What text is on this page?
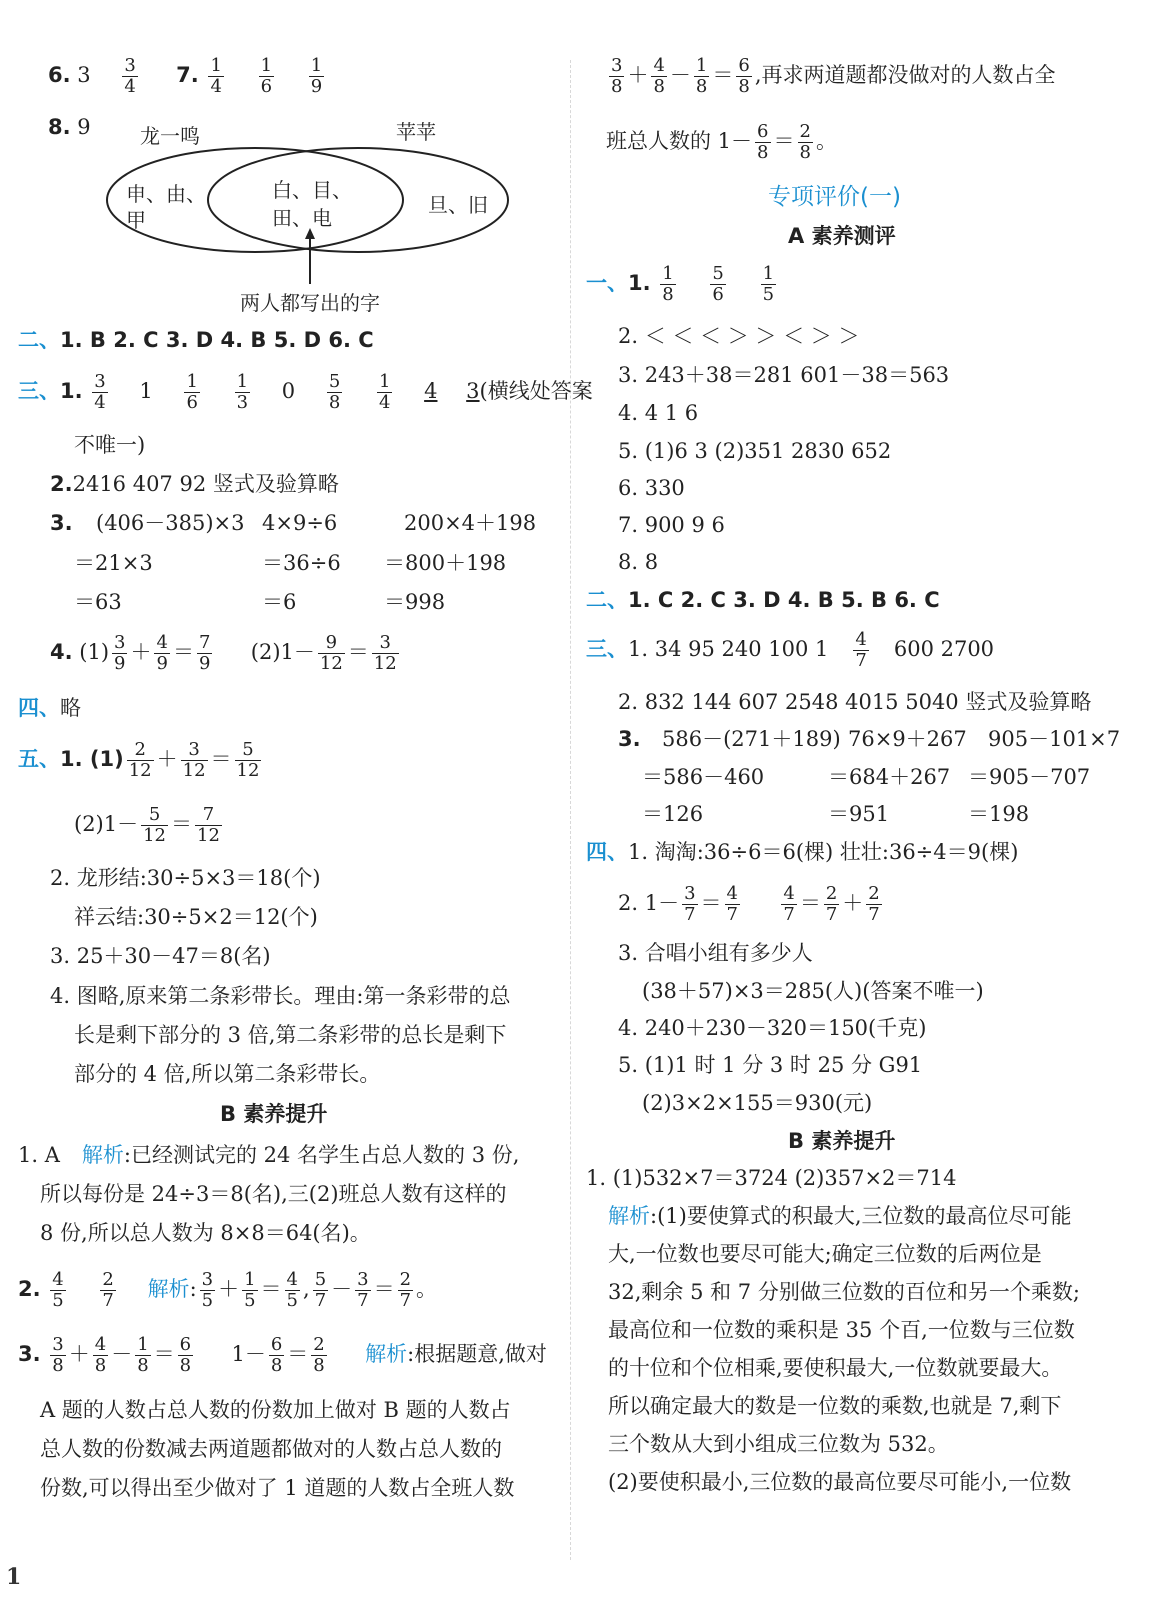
6. $3 \frac{3}{4} 7$. $\frac{1}{4}$
$\frac{1}{6}$
$\frac{1}{9}$
8. 9 龙一鸣	苹苹
申、由、
甲
白、目、
田、电
旦、旧
两人都写出的字
二、1. B 2. C 3. D 4. B 5. D 6. C
三、1. $\frac{3}{4} 1 \frac{1}{6}$
$\frac{1}{3} 0 \frac{5}{8}$
$\frac{1}{4} 4$ 3(横线处答案
不唯一)
2.2416 407 92 竖式及验算略
3. (406－385)×3 4×9÷6	200×4＋198
＝21×3	＝36÷6 ＝800＋198
＝63	＝6	＝998
4. $(1) \frac{3}{9} + \frac{4}{9} = \frac{7}{9} (2)1- \frac{9}{12} = \frac{3}{12}$
四、略
五、1. $(1) \frac{2}{12} + \frac{3}{12} = \frac{5}{12}$
$(2)1- \frac{5}{12} = \frac{7}{12}$
2. 龙形结:30÷5×3＝18(个)
祥云结:30÷5×2＝12(个)
3. 25＋30－47＝8(名)
4. 图略,原来第二条彩带长。理由:第一条彩带的总
长是剩下部分的 3 倍,第二条彩带的总长是剩下
部分的 4 倍,所以第二条彩带长。
B 素养提升
1. A 解析:已经测试完的 24 名学生占总人数的 3 份,
所以每份是 24÷3＝8(名),三(2)班总人数有这样的
8 份,所以总人数为 8×8＝64(名)。
2. $\frac{4}{5}$
$\frac{2}{7}$ 解析: $\frac{3}{5} + \frac{1}{5} = \frac{4}{5}$ , $\frac{5}{7} - \frac{3}{7} = \frac{2}{7}$ 。
3. $\frac{3}{8} + \frac{4}{8} - \frac{1}{8} = \frac{6}{8} 1- \frac{6}{8} = \frac{2}{8}$ 解析:根据题意,做对
A 题的人数占总人数的份数加上做对 B 题的人数占
总人数的份数减去两道题都做对的人数占总人数的
份数,可以得出至少做对了 1 道题的人数占全班人数
$\frac{3}{8} + \frac{4}{8} - \frac{1}{8} = \frac{6}{8}$ ,再求两道题都没做对的人数占全
班总人数的 $1- \frac{6}{8} = \frac{2}{8}$ 。
专项评价(一)
A 素养测评
一、1. $\frac{1}{8}$
$\frac{5}{6}$
$\frac{1}{5}$
2. ＜ ＜ ＜ ＞ ＞ ＜ ＞ ＞
3. 243＋38＝281 601－38＝563
4. 4 1 6
5. (1)6 3 (2)351 2830 652
6. 330
7. 900 9 6
8. 8
二、1. C 2. C 3. D 4. B 5. B 6. C
三、1. 34 95 240 100 $1 \frac{4}{7} 600$ 2700
2. 832 144 607 2548 4015 5040 竖式及验算略
3. 586－(271＋189) 76×9＋267 905－101×7
＝586－460	＝684＋267 ＝905－707
＝126	＝951	＝198
四、1. 淘淘:36÷6＝6(棵) 壮壮:36÷4＝9(棵)
2. $1- \frac{3}{7} = \frac{4}{7}$
$\frac{4}{7} = \frac{2}{7} + \frac{2}{7}$
3. 合唱小组有多少人
(38＋57)×3＝285(人)(答案不唯一)
4. 240＋230－320＝150(千克)
5. (1)1 时 1 分 3 时 25 分 G91
(2)3×2×155＝930(元)
B 素养提升
1. (1)532×7＝3724 (2)357×2＝714
解析:(1)要使算式的积最大,三位数的最高位尽可能
大,一位数也要尽可能大;确定三位数的后两位是
32,剩余 5 和 7 分别做三位数的百位和另一个乘数;
最高位和一位数的乘积是 35 个百,一位数与三位数
的十位和个位相乘,要使积最大,一位数就要最大。
所以确定最大的数是一位数的乘数,也就是 7,剩下
三个数从大到小组成三位数为 532。
(2)要使积最小,三位数的最高位要尽可能小,一位数
1
